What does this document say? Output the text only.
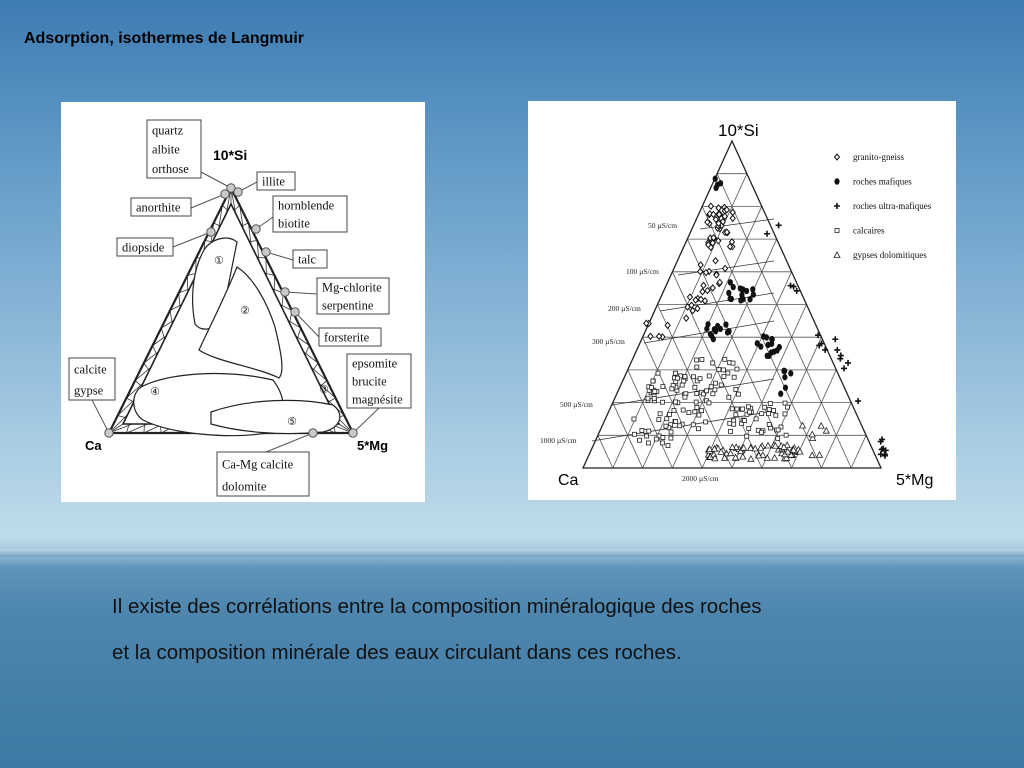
Adsorption, isothermes de Langmuir
quartz
albite
orthose
illite
anorthite	hornblende
biotite
diopside
talc
Mg-chlorite
serpentine
forsterite
calcite
gypse
epsomite
brucite
magnésite
Ca-Mg calcite
dolomite
10*Si
Ca	5*Mg
①
②
③
④
⑤
50 µS/cm
100 µS/cm
200 µS/cm
300 µS/cm
500 µS/cm
1000 µS/cm
2000 µS/cm
granito-gneiss
roches mafiques
roches ultra-mafiques
calcaires
gypses dolomitiques
10*Si
Ca	5*Mg

Il existe des corrélations entre la composition minéralogique des roches
et la composition minérale des eaux circulant dans ces roches.
